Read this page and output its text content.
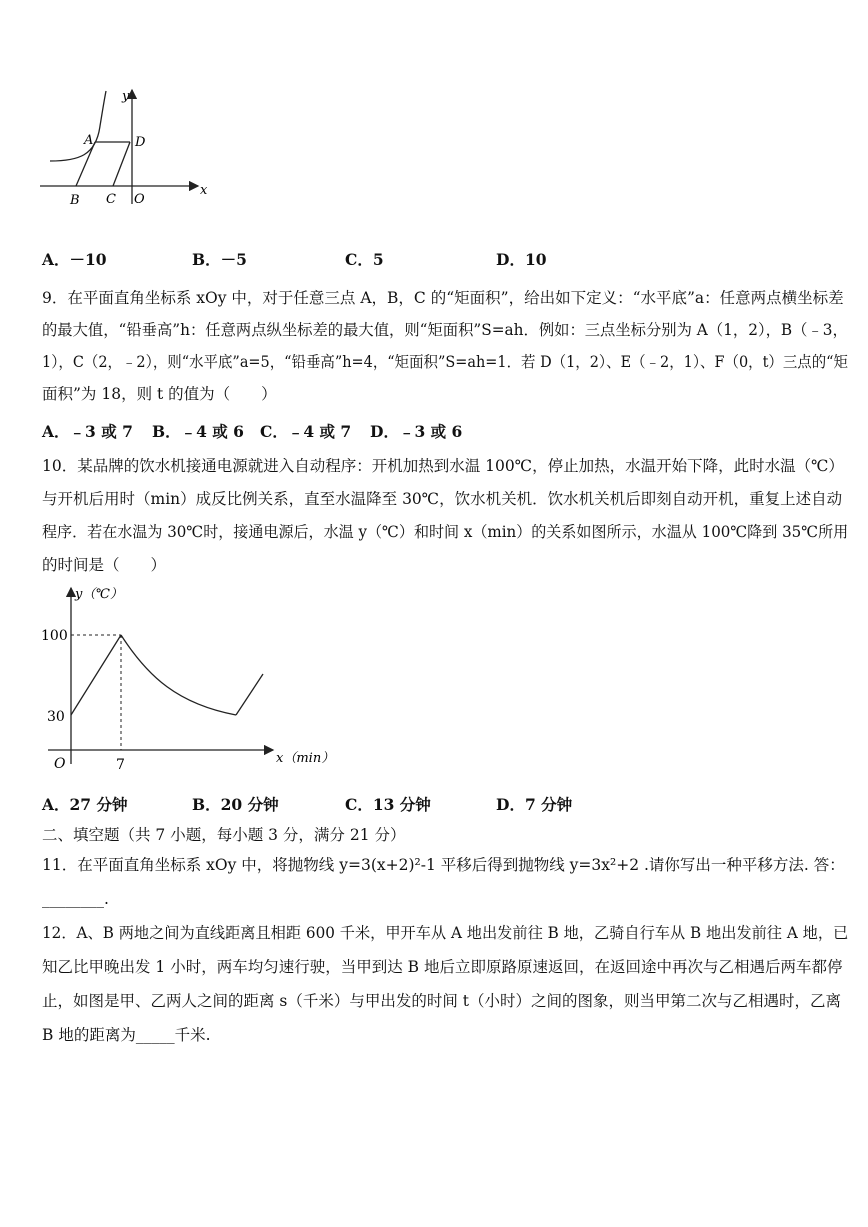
y
x
A	D
B C O
A．－10	B．－5	C．5	D．10
9．在平面直角坐标系 xOy 中，对于任意三点 A，B，C 的“矩面积”，给出如下定义：“水平底”a：任意两点横坐标差
的最大值，“铅垂高”h：任意两点纵坐标差的最大值，则“矩面积”S=ah．例如：三点坐标分别为 A（1，2），B（﹣3，
1），C（2，﹣2），则“水平底”a=5，“铅垂高”h=4，“矩面积”S=ah=1．若 D（1，2）、E（﹣2，1）、F（0，t）三点的“矩
面积”为 18，则 t 的值为（　　）
A．﹣3 或 7 B．﹣4 或 6 C．﹣4 或 7 D．﹣3 或 6
10．某品牌的饮水机接通电源就进入自动程序：开机加热到水温 100℃，停止加热，水温开始下降，此时水温（℃）
与开机后用时（min）成反比例关系，直至水温降至 30℃，饮水机关机．饮水机关机后即刻自动开机，重复上述自动
程序．若在水温为 30℃时，接通电源后，水温 y（℃）和时间 x（min）的关系如图所示，水温从 100℃降到 35℃所用
的时间是（　　）
y（℃）
x（min）
100
30
7
O
A．27 分钟	B．20 分钟	C．13 分钟	D．7 分钟
二、填空题（共 7 小题，每小题 3 分，满分 21 分）
11．在平面直角坐标系 xOy 中，将抛物线 y=3(x+2)²-1 平移后得到抛物线 y=3x²+2 .请你写出一种平移方法. 答：
________.
12．A、B 两地之间为直线距离且相距 600 千米，甲开车从 A 地出发前往 B 地，乙骑自行车从 B 地出发前往 A 地，已
知乙比甲晚出发 1 小时，两车均匀速行驶，当甲到达 B 地后立即原路原速返回，在返回途中再次与乙相遇后两车都停
止，如图是甲、乙两人之间的距离 s（千米）与甲出发的时间 t（小时）之间的图象，则当甲第二次与乙相遇时，乙离
B 地的距离为_____千米.
